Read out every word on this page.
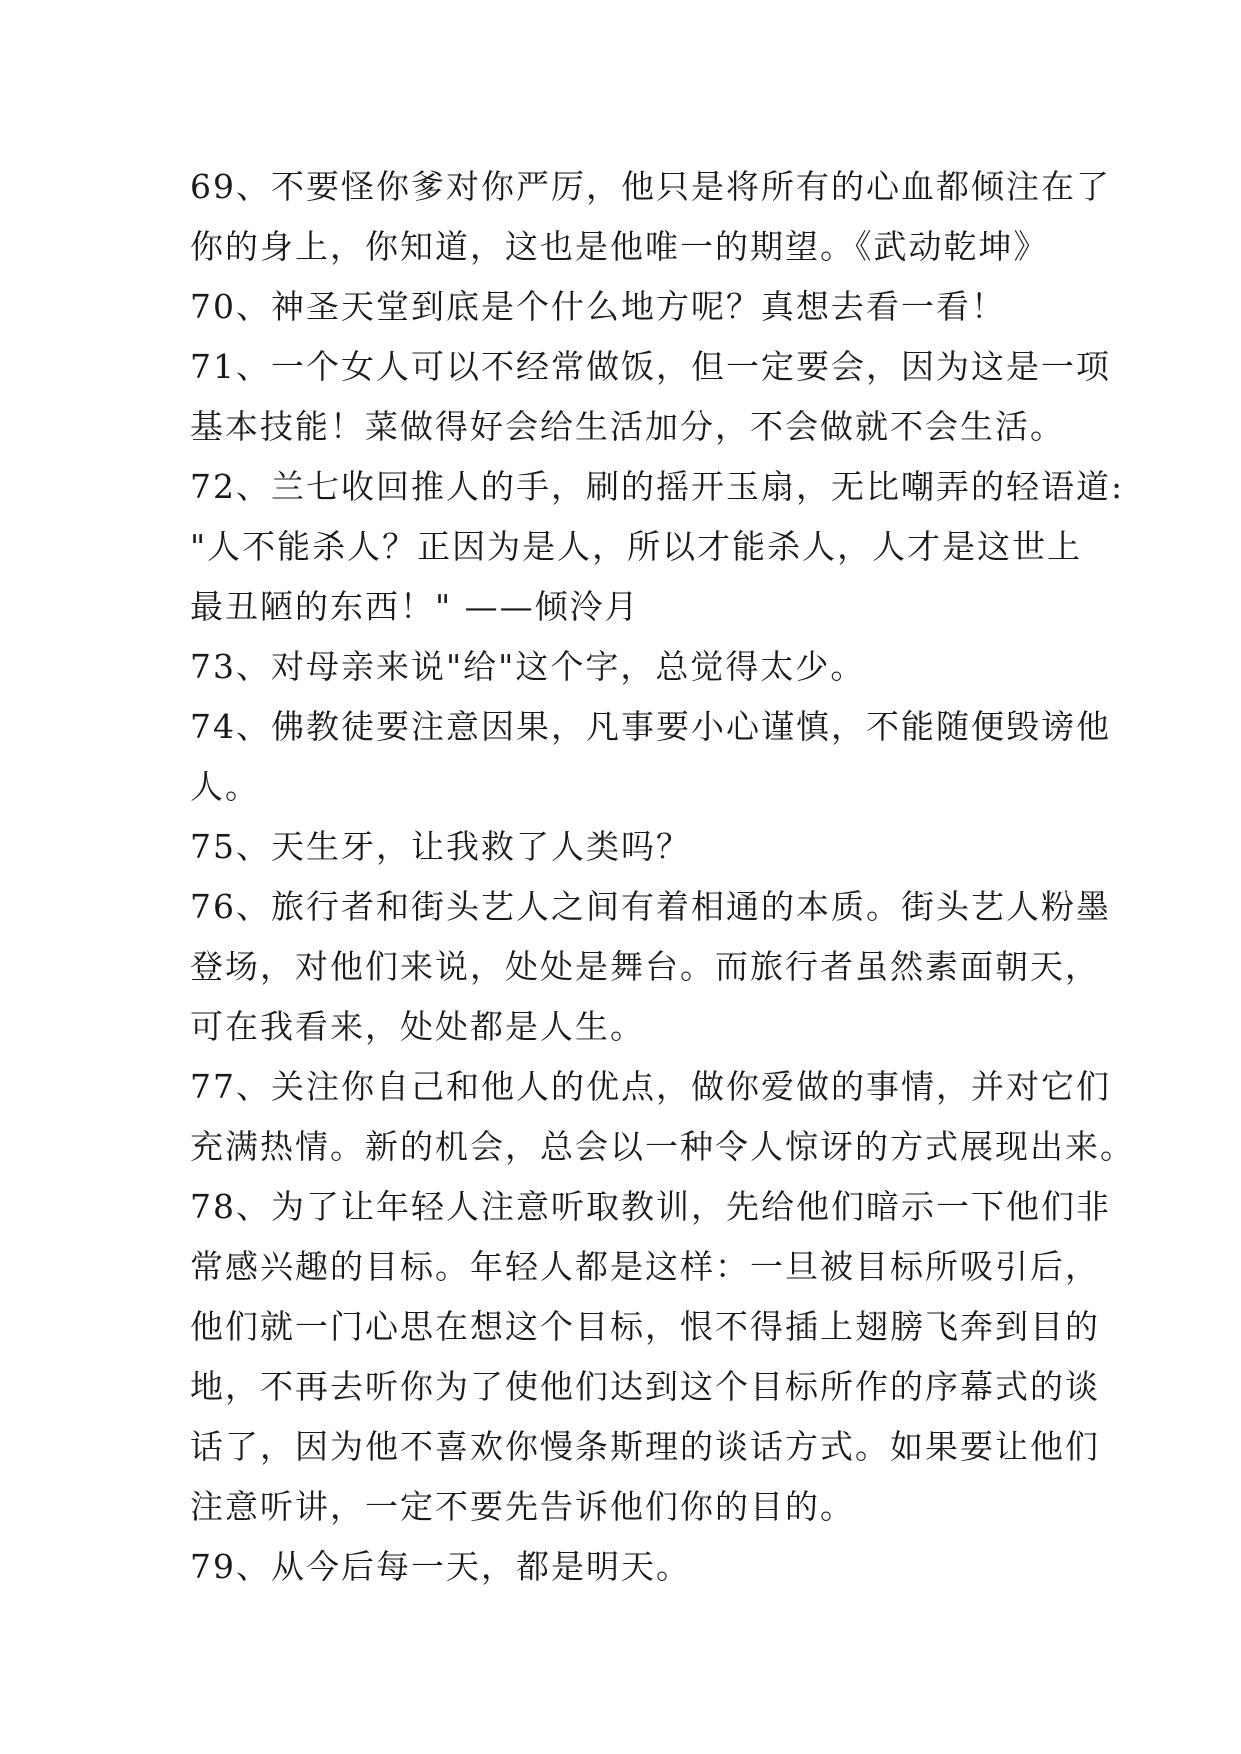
69、不要怪你爹对你严厉，他只是将所有的心血都倾注在了
你的身上，你知道，这也是他唯一的期望。《武动乾坤》
70、神圣天堂到底是个什么地方呢？真想去看一看！
71、一个女人可以不经常做饭，但一定要会，因为这是一项
基本技能！菜做得好会给生活加分，不会做就不会生活。
72、兰七收回推人的手，刷的摇开玉扇，无比嘲弄的轻语道:
"人不能杀人？正因为是人，所以才能杀人，人才是这世上
最丑陋的东西！" ——倾泠月
73、对母亲来说"给"这个字，总觉得太少。
74、佛教徒要注意因果，凡事要小心谨慎，不能随便毁谤他
人。
75、天生牙，让我救了人类吗？
76、旅行者和街头艺人之间有着相通的本质。街头艺人粉墨
登场，对他们来说，处处是舞台。而旅行者虽然素面朝天，
可在我看来，处处都是人生。
77、关注你自己和他人的优点，做你爱做的事情，并对它们
充满热情。新的机会，总会以一种令人惊讶的方式展现出来。
78、为了让年轻人注意听取教训，先给他们暗示一下他们非
常感兴趣的目标。年轻人都是这样：一旦被目标所吸引后，
他们就一门心思在想这个目标，恨不得插上翅膀飞奔到目的
地，不再去听你为了使他们达到这个目标所作的序幕式的谈
话了，因为他不喜欢你慢条斯理的谈话方式。如果要让他们
注意听讲，一定不要先告诉他们你的目的。
79、从今后每一天，都是明天。
